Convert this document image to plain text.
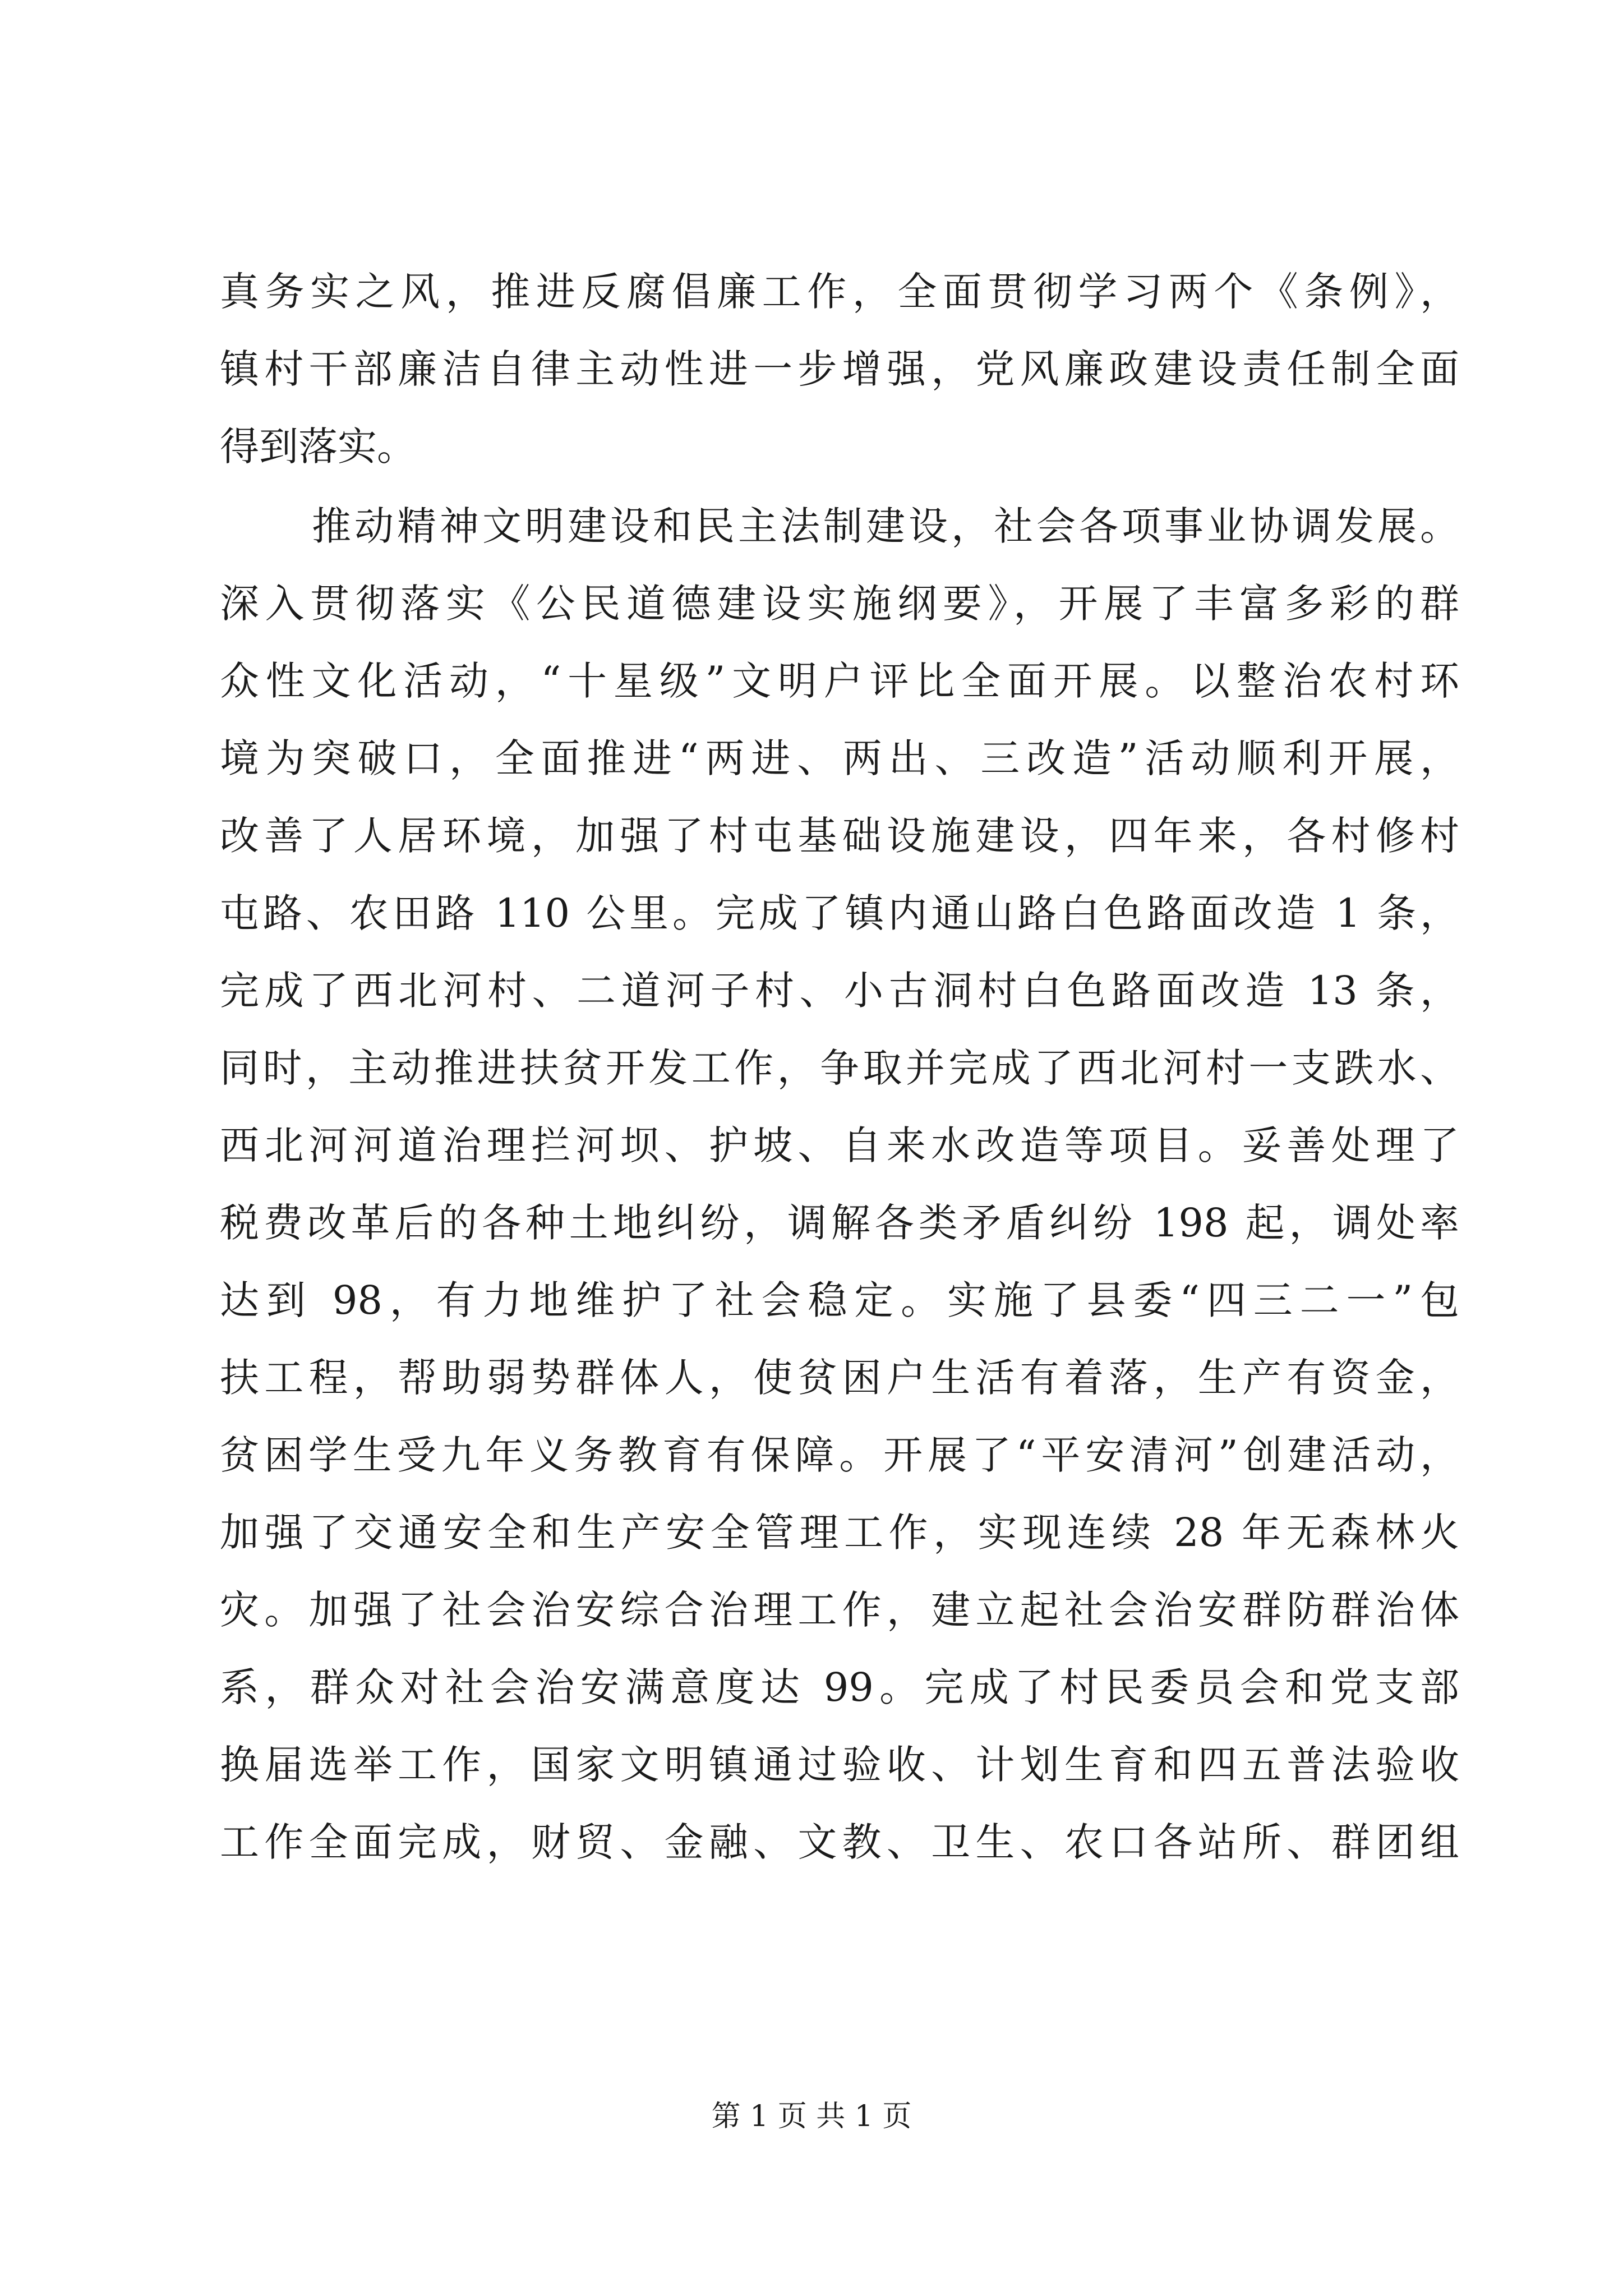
真务实之风，推进反腐倡廉工作，全面贯彻学习两个《条例》，

镇村干部廉洁自律主动性进一步增强，党风廉政建设责任制全面

得到落实。

推动精神文明建设和民主法制建设，社会各项事业协调发展。

深入贯彻落实《公民道德建设实施纲要》，开展了丰富多彩的群

众性文化活动，“十星级”文明户评比全面开展。以整治农村环

境为突破口，全面推进“两进、两出、三改造”活动顺利开展，

改善了人居环境，加强了村屯基础设施建设，四年来，各村修村

屯路、农田路 110 公里。完成了镇内通山路白色路面改造 1 条，

完成了西北河村、二道河子村、小古洞村白色路面改造 13 条，

同时，主动推进扶贫开发工作，争取并完成了西北河村一支跌水、

西北河河道治理拦河坝、护坡、自来水改造等项目。妥善处理了

税费改革后的各种土地纠纷，调解各类矛盾纠纷 198 起，调处率

达到 98，有力地维护了社会稳定。实施了县委“四三二一”包

扶工程，帮助弱势群体人，使贫困户生活有着落，生产有资金，

贫困学生受九年义务教育有保障。开展了“平安清河”创建活动，

加强了交通安全和生产安全管理工作，实现连续 28 年无森林火

灾。加强了社会治安综合治理工作，建立起社会治安群防群治体

系，群众对社会治安满意度达 99。完成了村民委员会和党支部

换届选举工作，国家文明镇通过验收、计划生育和四五普法验收

工作全面完成，财贸、金融、文教、卫生、农口各站所、群团组

第 1 页 共 1 页
